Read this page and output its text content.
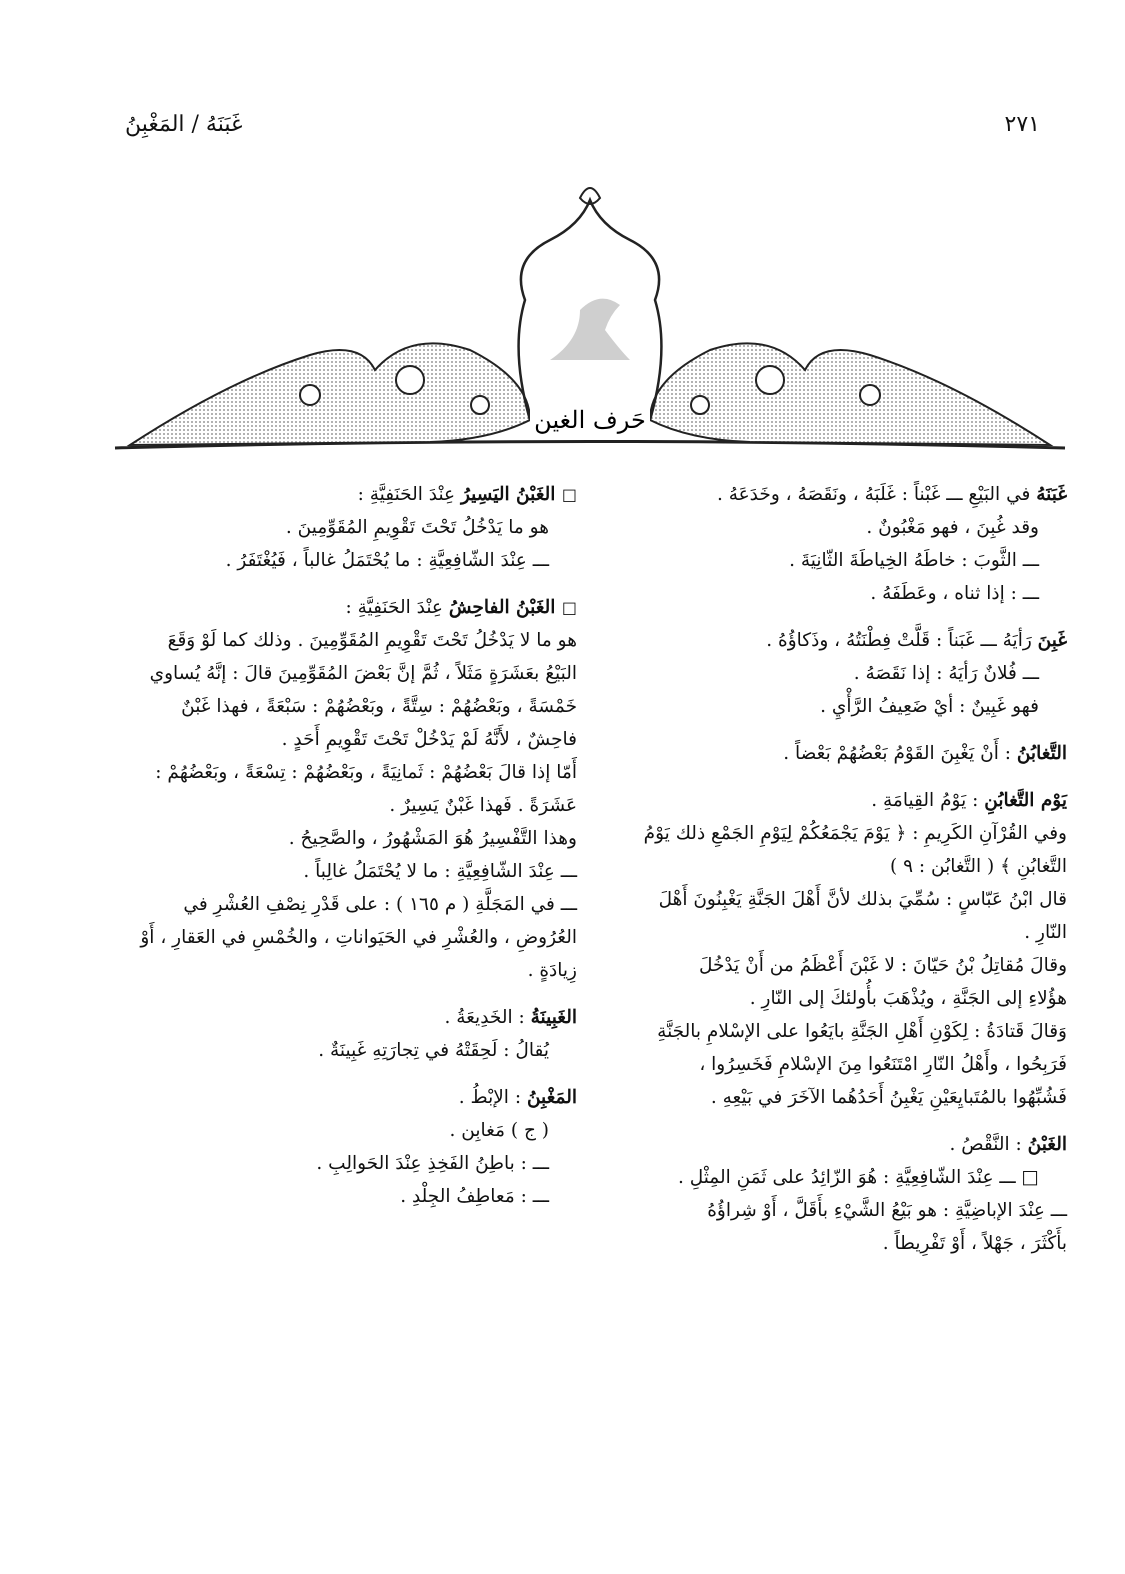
٢٧١
غَبَنَهُ / المَغْبِنُ
حَرف الغين
غَبَنَهُ في البَيْعِ ـــ غَبْناً : غَلَبَهُ ، ونَقَصَهُ ، وخَدَعَهُ .
وقد غُبِنَ ، فهو مَغْبُونٌ .
ـــ الثَّوبَ : خاطَهُ الخِياطَةَ الثّانِيَةَ .
ـــ : إذا ثناه ، وعَطَفَهُ .
غَبِنَ رَأيَهُ ـــ غَبَناً : قَلَّتْ فِطْنَتُهُ ، وذَكاؤُهُ .
ـــ فُلانٌ رَأيَهُ : إذا نَقَصَهُ .
فهو غَبِينٌ : أيْ ضَعِيفُ الرَّأْيِ .
التَّغابُنُ : أَنْ يَغْبِنَ القَوْمُ بَعْضُهُمْ بَعْضاً .
يَوْم التَّغابُنِ : يَوْمُ القِيامَةِ .
وفي القُرْآنِ الكَرِيمِ : ﴿ يَوْمَ يَجْمَعُكُمْ لِيَوْمِ الجَمْعِ ذلك يَوْمُ
التَّغابُنِ ﴾ ( التَّغابُن : ٩ )
قال ابْنُ عَبّاسٍ : سُمِّيَ بذلك لأنَّ أَهْلَ الجَنَّةِ يَغْبِنُونَ أَهْلَ
النّارِ .
وقالَ مُقاتِلُ بْنُ حَيّانَ : لا غَبْنَ أَعْظَمُ من أَنْ يَدْخُلَ
هؤُلاءِ إلى الجَنَّةِ ، ويُذْهَبَ بأُولئكَ إلى النّارِ .
وَقالَ قَتادَةُ : لِكَوْنِ أَهْلِ الجَنَّةِ بايَعُوا على الإسْلامِ بالجَنَّةِ
فَرَبِحُوا ، وأَهْلُ النّارِ امْتَنَعُوا مِنَ الإسْلامِ فَخَسِرُوا ،
فَشُبِّهُوا بالمُتَبايِعَيْنِ يَغْبِنُ أَحَدُهُما الآخَرَ في بَيْعِهِ .
الغَبْنُ : النَّقْصُ .
□ ـــ عِنْدَ الشّافِعِيَّةِ : هُوَ الزّائِدُ على ثَمَنِ المِثْلِ .
ـــ عِنْدَ الإباضِيَّةِ : هو بَيْعُ الشَّيْءِ بأَقَلَّ ، أَوْ شِراؤُهُ
بأَكْثَرَ ، جَهْلاً ، أَوْ تَفْرِيطاً .
□ الغَبْنُ اليَسِيرُ عِنْدَ الحَنَفِيَّةِ :
هو ما يَدْخُلُ تَحْتَ تَقْوِيمِ المُقَوِّمِينَ .
ـــ عِنْدَ الشّافِعِيَّةِ : ما يُحْتَمَلُ غالباً ، فَيُغْتَفَرُ .
□ الغَبْنُ الفاحِشُ عِنْدَ الحَنَفِيَّةِ :
هو ما لا يَدْخُلُ تَحْتَ تَقْوِيمِ المُقَوِّمِينَ . وذلك كما لَوْ وَقَعَ
البَيْعُ بعَشَرَةٍ مَثَلاً ، ثُمَّ إنَّ بَعْضَ المُقَوِّمِينَ قالَ : إنَّهُ يُساوي
خَمْسَةً ، وبَعْضُهُمْ : سِتَّةً ، وبَعْضُهُمْ : سَبْعَةً ، فهذا غَبْنٌ
فاحِشٌ ، لأَنَّهُ لَمْ يَدْخُلْ تَحْتَ تَقْوِيمِ أَحَدٍ .
أَمّا إذا قالَ بَعْضُهُمْ : ثَمانِيَةً ، وبَعْضُهُمْ : تِسْعَةً ، وبَعْضُهُمْ :
عَشَرَةً . فَهذا غَبْنٌ يَسِيرٌ .
وهذا التَّفْسِيرُ هُوَ المَشْهُورُ ، والصَّحِيحُ .
ـــ عِنْدَ الشّافِعِيَّةِ : ما لا يُحْتَمَلُ غالِباً .
ـــ في المَجَلَّةِ ( م ١٦٥ ) : على قَدْرِ نِصْفِ العُشْرِ في
العُرُوضِ ، والعُشْرِ في الحَيَواناتِ ، والخُمْسِ في العَقارِ ، أَوْ
زِيادَةٍ .
الغَبِينَةُ : الخَدِيعَةُ .
يُقالُ : لَحِقَتْهُ في تِجارَتِهِ غَبِينَةٌ .
المَغْبِنُ : الإبْطُ .
( ج ) مَغابِن .
ـــ : باطِنُ الفَخِذِ عِنْدَ الحَوالِبِ .
ـــ : مَعاطِفُ الجِلْدِ .
